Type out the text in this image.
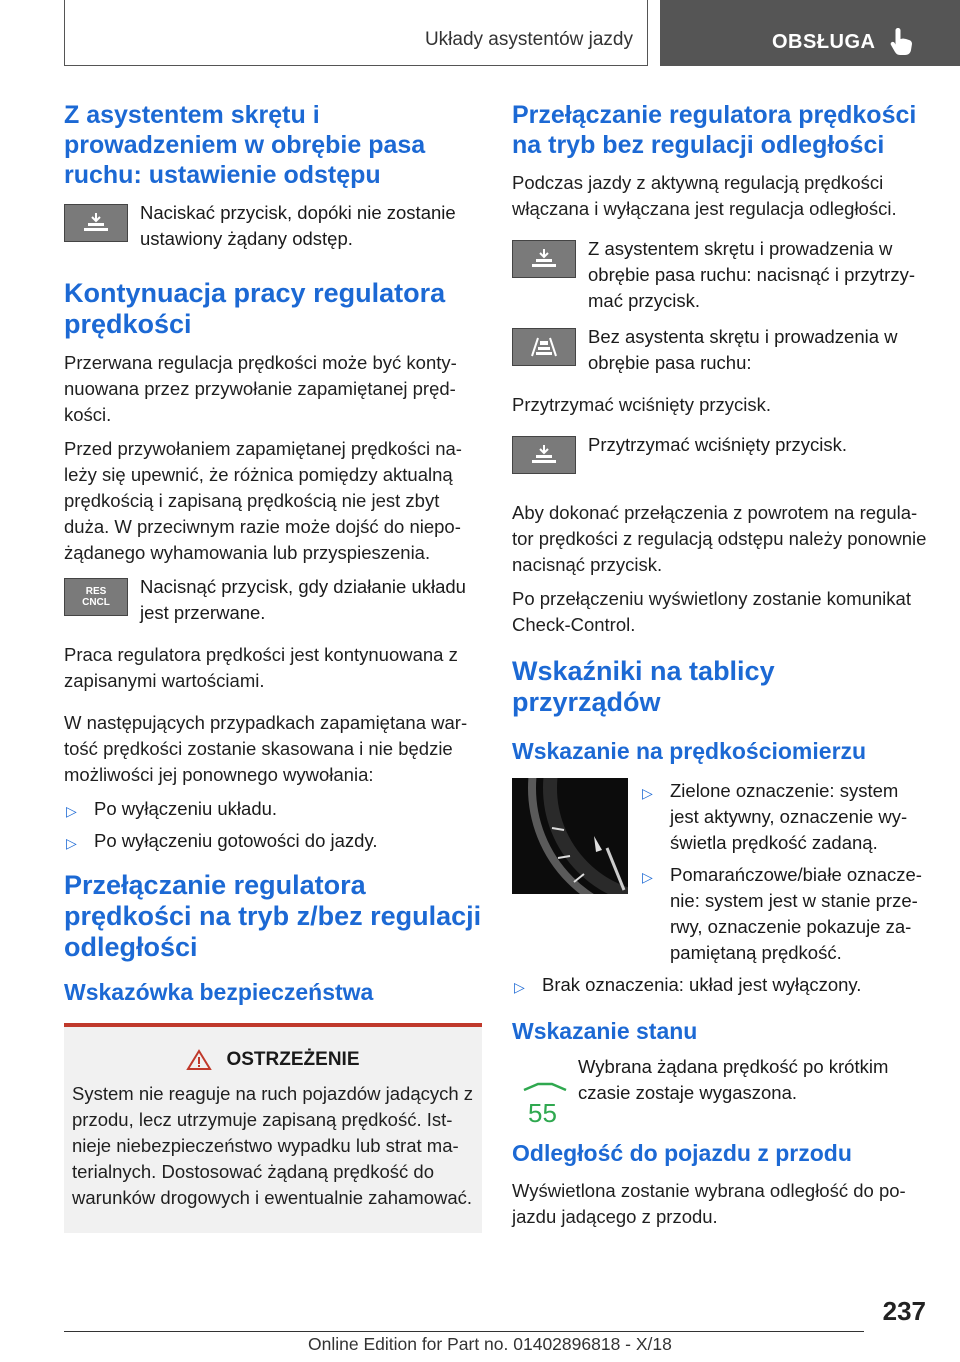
Układy asystentów jazdy	OBSŁUGA
Z asystentem skrętu i prowadzeniem w obrębie pasa ruchu: ustawienie odstępu
Naciskać przycisk, dopóki nie zostanie ustawiony żądany odstęp.
Kontynuacja pracy regulatora prędkości

Przerwana regulacja prędkości może być kontynuowana przez przywołanie zapamiętanej prędkości.

Przed przywołaniem zapamiętanej prędkości należy się upewnić, że różnica pomiędzy aktualną prędkością i zapisaną prędkością nie jest zbyt duża. W przeciwnym razie może dojść do niepożądanego wyhamowania lub przyspieszenia.

RES
CNCL
Nacisnąć przycisk, gdy działanie układu jest przerwane.

Praca regulatora prędkości jest kontynuowana z zapisanymi wartościami.

W następujących przypadkach zapamiętana wartość prędkości zostanie skasowana i nie będzie możliwości jej ponownego wywołania:

▷ Po wyłączeniu układu.
▷ Po wyłączeniu gotowości do jazdy.
Przełączanie regulatora prędkości na tryb z/bez regulacji odległości
Wskazówka bezpieczeństwa
OSTRZEŻENIE

System nie reaguje na ruch pojazdów jadących z przodu, lecz utrzymuje zapisaną prędkość. Istnieje niebezpieczeństwo wypadku lub strat materialnych. Dostosować żądaną prędkość do warunków drogowych i ewentualnie zahamować.

Przełączanie regulatora prędkości na tryb bez regulacji odległości

Podczas jazdy z aktywną regulacją prędkości włączana i wyłączana jest regulacja odległości.

Z asystentem skrętu i prowadzenia w obrębie pasa ruchu: nacisnąć i przytrzymać przycisk.
Bez asystenta skrętu i prowadzenia w obrębie pasa ruchu:

Przytrzymać wciśnięty przycisk.

Przytrzymać wciśnięty przycisk.

Aby dokonać przełączenia z powrotem na regulator prędkości z regulacją odstępu należy ponownie nacisnąć przycisk.

Po przełączeniu wyświetlony zostanie komunikat Check-Control.

Wskaźniki na tablicy przyrządów
Wskazanie na prędkościomierzu
▷ Zielone oznaczenie: system jest aktywny, oznaczenie wyświetla prędkość zadaną.
▷ Pomarańczowe/białe oznaczenie: system jest w stanie przerwy, oznaczenie pokazuje zapamiętaną prędkość.
▷ Brak oznaczenia: układ jest wyłączony.
Wskazanie stanu
55
Wybrana żądana prędkość po krótkim czasie zostaje wygaszona.
Odległość do pojazdu z przodu

Wyświetlona zostanie wybrana odległość do pojazdu jadącego z przodu.

237
Online Edition for Part no. 01402896818 - X/18
